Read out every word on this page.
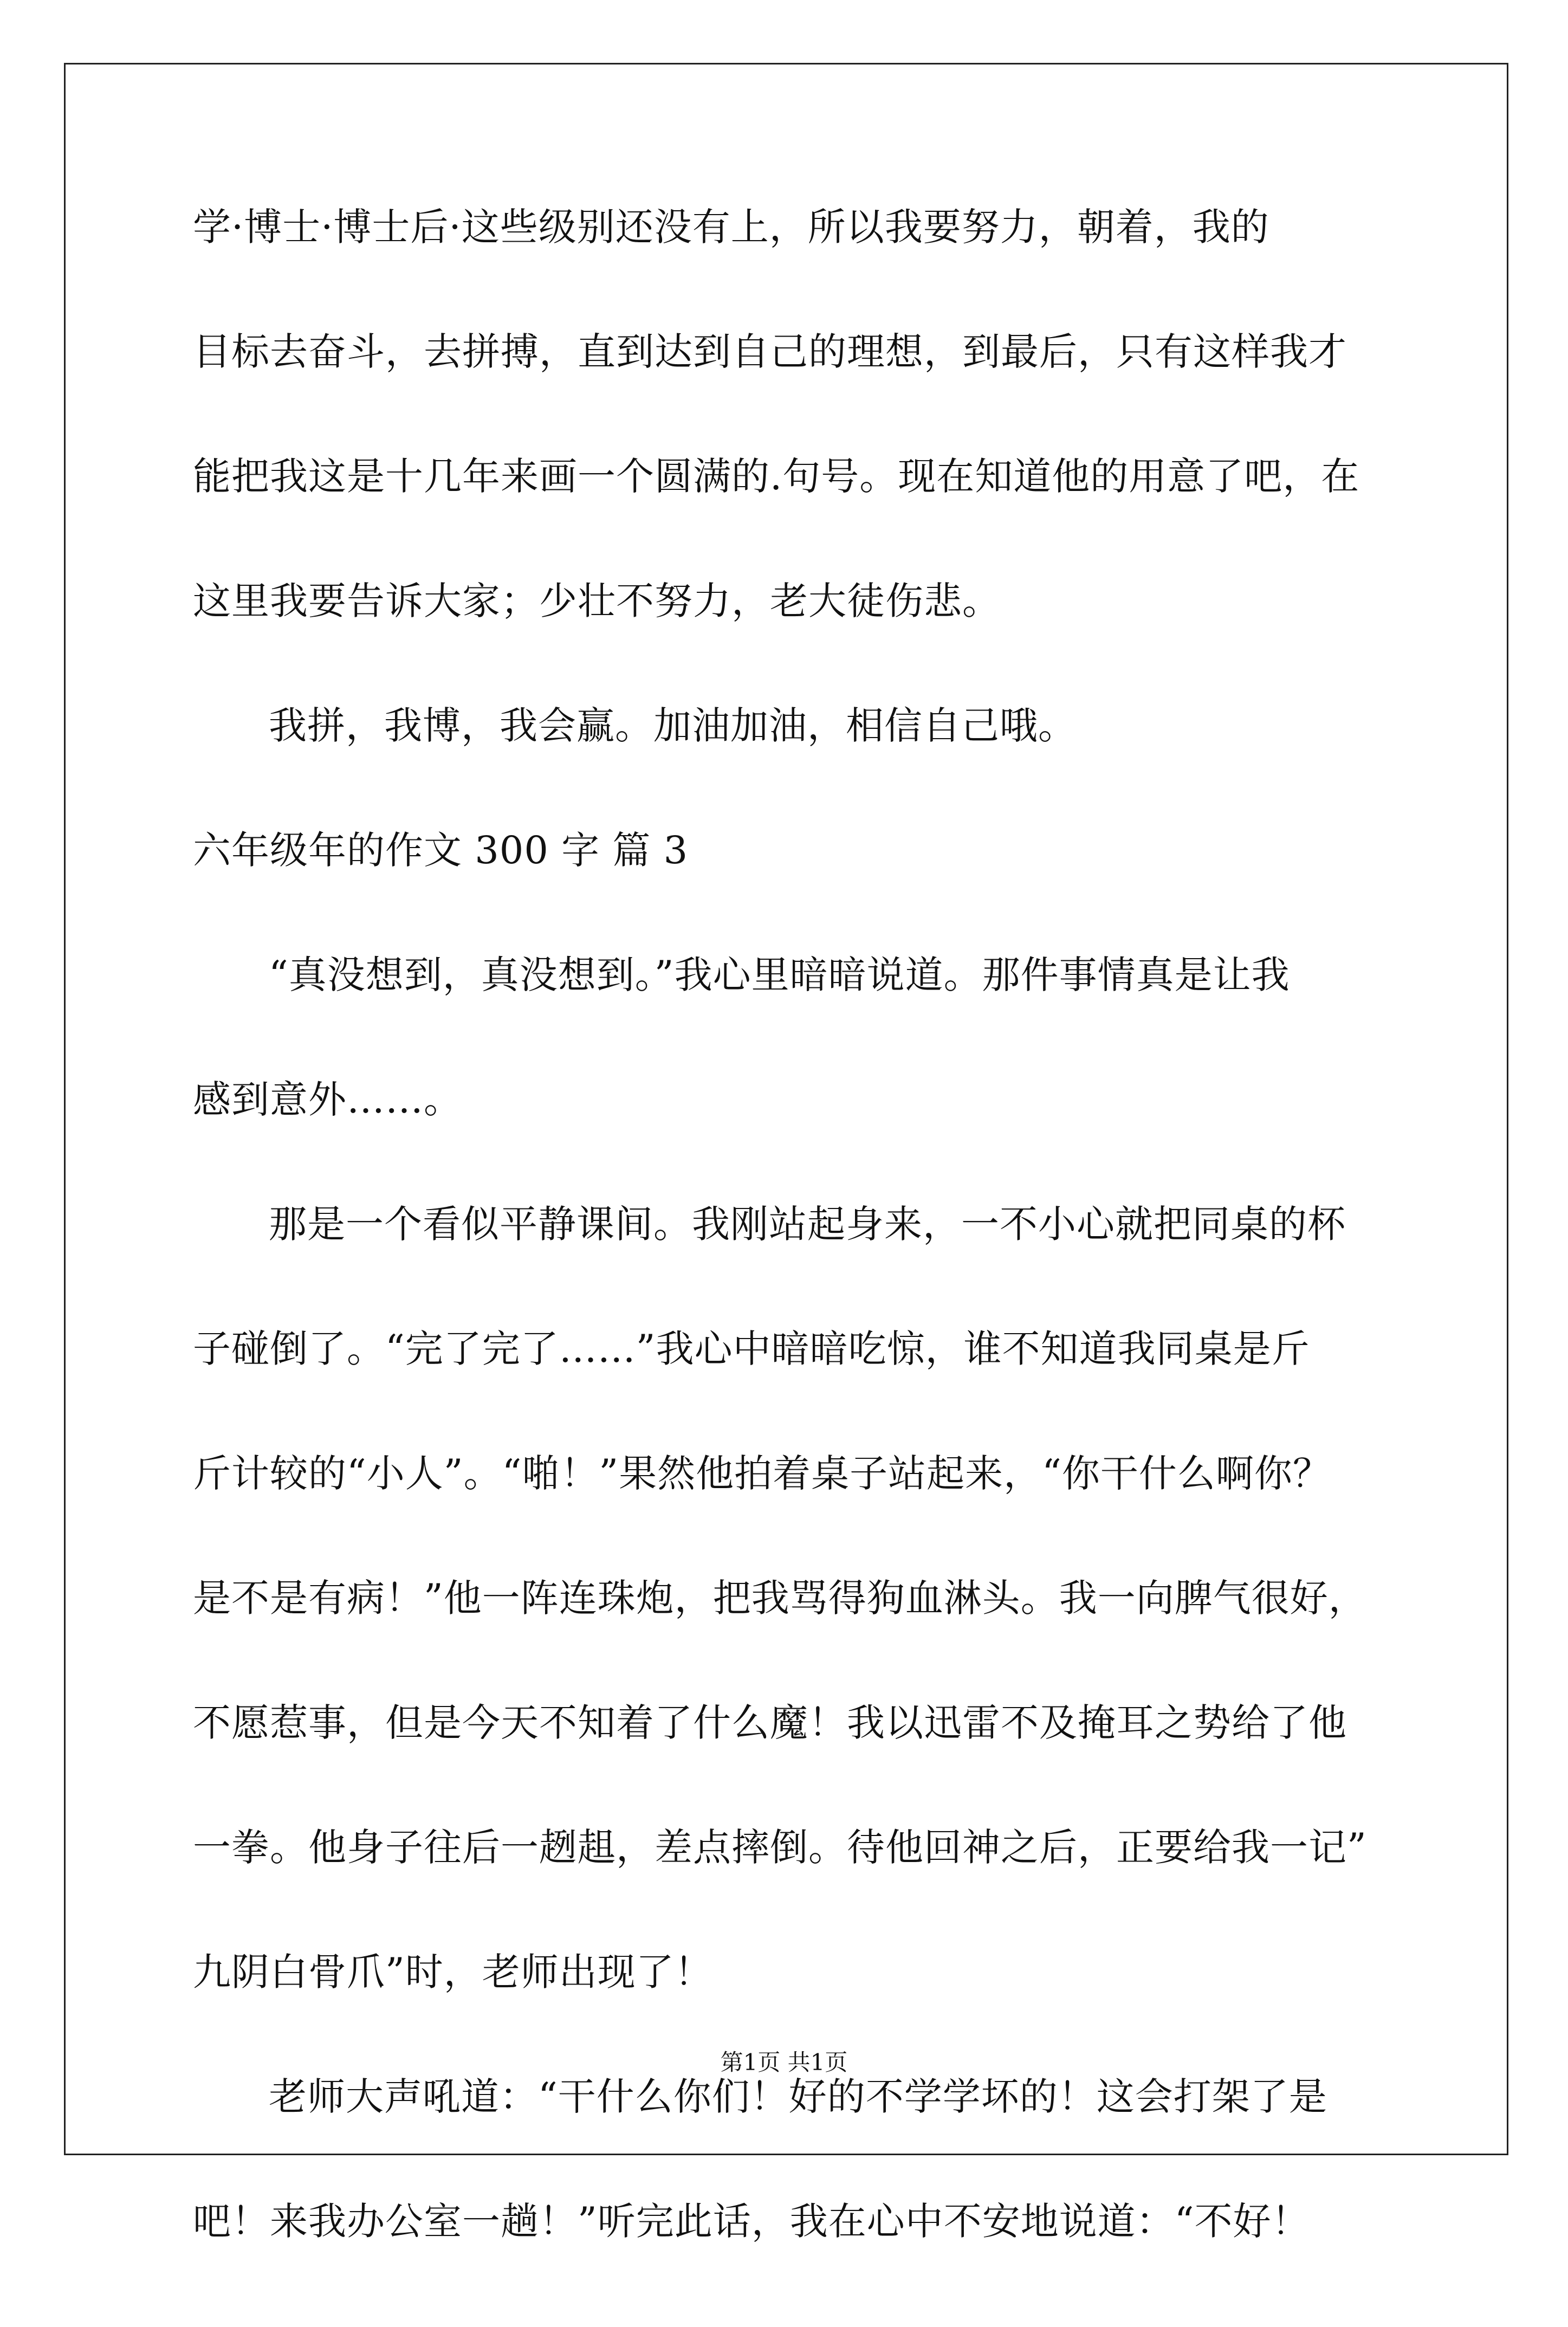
学·博士·博士后·这些级别还没有上，所以我要努力，朝着，我的
目标去奋斗，去拼搏，直到达到自己的理想，到最后，只有这样我才
能把我这是十几年来画一个圆满的.句号。现在知道他的用意了吧，在
这里我要告诉大家；少壮不努力，老大徒伤悲。
我拼，我博，我会赢。加油加油，相信自己哦。
六年级年的作文 300 字 篇 3
“真没想到，真没想到。”我心里暗暗说道。那件事情真是让我
感到意外……。
那是一个看似平静课间。我刚站起身来，一不小心就把同桌的杯
子碰倒了。“完了完了……”我心中暗暗吃惊，谁不知道我同桌是斤
斤计较的“小人”。“啪！”果然他拍着桌子站起来，“你干什么啊你？
是不是有病！”他一阵连珠炮，把我骂得狗血淋头。我一向脾气很好，
不愿惹事，但是今天不知着了什么魔！我以迅雷不及掩耳之势给了他
一拳。他身子往后一趔趄，差点摔倒。待他回神之后，正要给我一记”
九阴白骨爪”时，老师出现了！
老师大声吼道：“干什么你们！好的不学学坏的！这会打架了是
吧！来我办公室一趟！”听完此话，我在心中不安地说道：“不好！
第1页 共1页
